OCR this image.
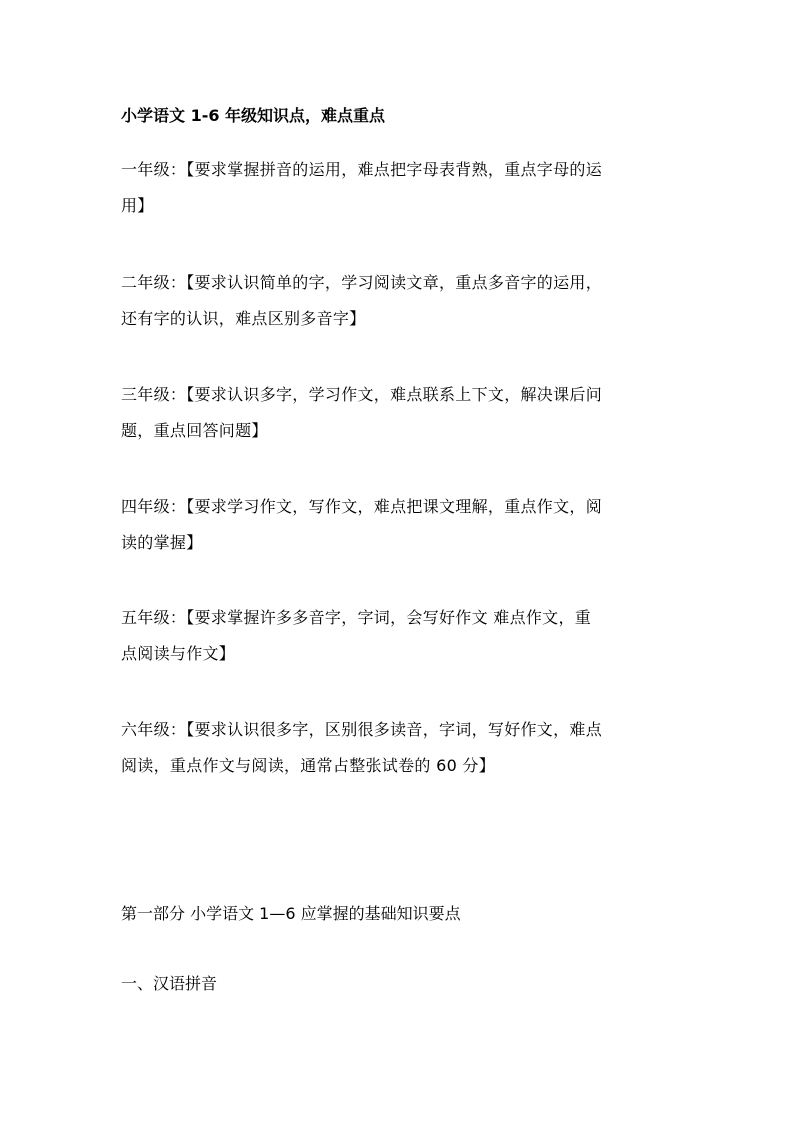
小学语文 1-6 年级知识点，难点重点
一年级：【要求掌握拼音的运用，难点把字母表背熟，重点字母的运
用】
二年级：【要求认识简单的字，学习阅读文章，重点多音字的运用，
还有字的认识，难点区别多音字】
三年级：【要求认识多字，学习作文，难点联系上下文，解决课后问
题，重点回答问题】
四年级：【要求学习作文，写作文，难点把课文理解，重点作文，阅
读的掌握】
五年级：【要求掌握许多多音字，字词，会写好作文 难点作文，重
点阅读与作文】
六年级：【要求认识很多字，区别很多读音，字词，写好作文，难点
阅读，重点作文与阅读，通常占整张试卷的 60 分】
第一部分 小学语文 1—6 应掌握的基础知识要点
一、汉语拼音
